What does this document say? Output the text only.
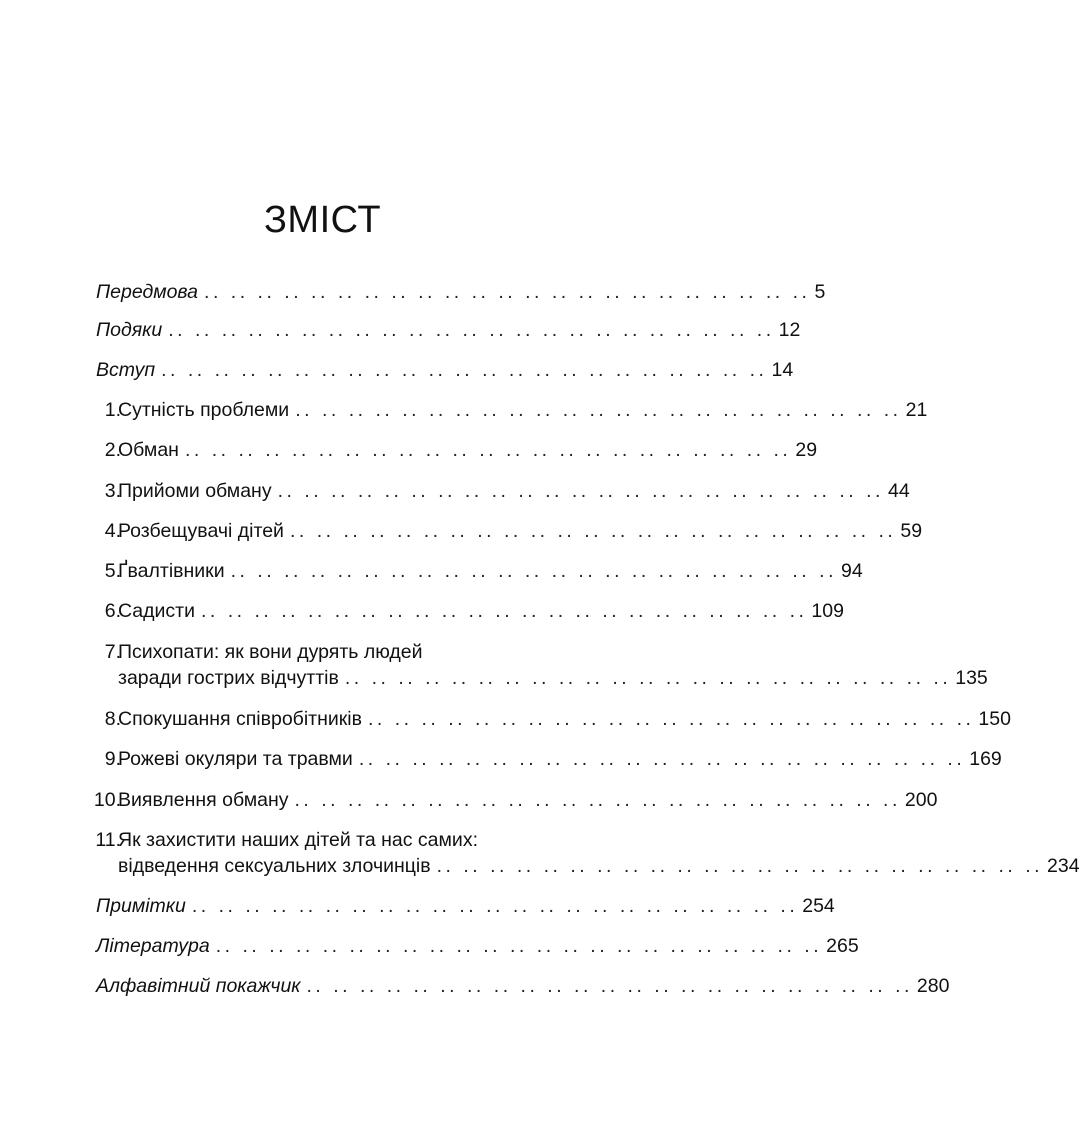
ЗМІСТ
Передмова .. .. .. .. .. .. .. .. .. .. .. .. .. .. .. .. .. .. .. .. .. .. .. 5
Подяки .. .. .. .. .. .. .. .. .. .. .. .. .. .. .. .. .. .. .. .. .. .. .. 12
Вступ .. .. .. .. .. .. .. .. .. .. .. .. .. .. .. .. .. .. .. .. .. .. .. 14
1.
Сутність проблеми .. .. .. .. .. .. .. .. .. .. .. .. .. .. .. .. .. .. .. .. .. .. .. 21
2.
Обман .. .. .. .. .. .. .. .. .. .. .. .. .. .. .. .. .. .. .. .. .. .. .. 29
3.
Прийоми обману .. .. .. .. .. .. .. .. .. .. .. .. .. .. .. .. .. .. .. .. .. .. .. 44
4.
Розбещувачі дітей .. .. .. .. .. .. .. .. .. .. .. .. .. .. .. .. .. .. .. .. .. .. .. 59
5.
Ґвалтівники .. .. .. .. .. .. .. .. .. .. .. .. .. .. .. .. .. .. .. .. .. .. .. 94
6.
Садисти .. .. .. .. .. .. .. .. .. .. .. .. .. .. .. .. .. .. .. .. .. .. .. 109
7.
Психопати: як вони дурять людей
заради гострих відчуттів .. .. .. .. .. .. .. .. .. .. .. .. .. .. .. .. .. .. .. .. .. .. .. 135
8.
Спокушання співробітників .. .. .. .. .. .. .. .. .. .. .. .. .. .. .. .. .. .. .. .. .. .. .. 150
9.
Рожеві окуляри та травми .. .. .. .. .. .. .. .. .. .. .. .. .. .. .. .. .. .. .. .. .. .. .. 169
10.
Виявлення обману .. .. .. .. .. .. .. .. .. .. .. .. .. .. .. .. .. .. .. .. .. .. .. 200
11.
Як захистити наших дітей та нас самих:
відведення сексуальних злочинців .. .. .. .. .. .. .. .. .. .. .. .. .. .. .. .. .. .. .. .. .. .. .. 234
Примітки .. .. .. .. .. .. .. .. .. .. .. .. .. .. .. .. .. .. .. .. .. .. .. 254
Література .. .. .. .. .. .. .. .. .. .. .. .. .. .. .. .. .. .. .. .. .. .. .. 265
Алфавітний покажчик .. .. .. .. .. .. .. .. .. .. .. .. .. .. .. .. .. .. .. .. .. .. .. 280
